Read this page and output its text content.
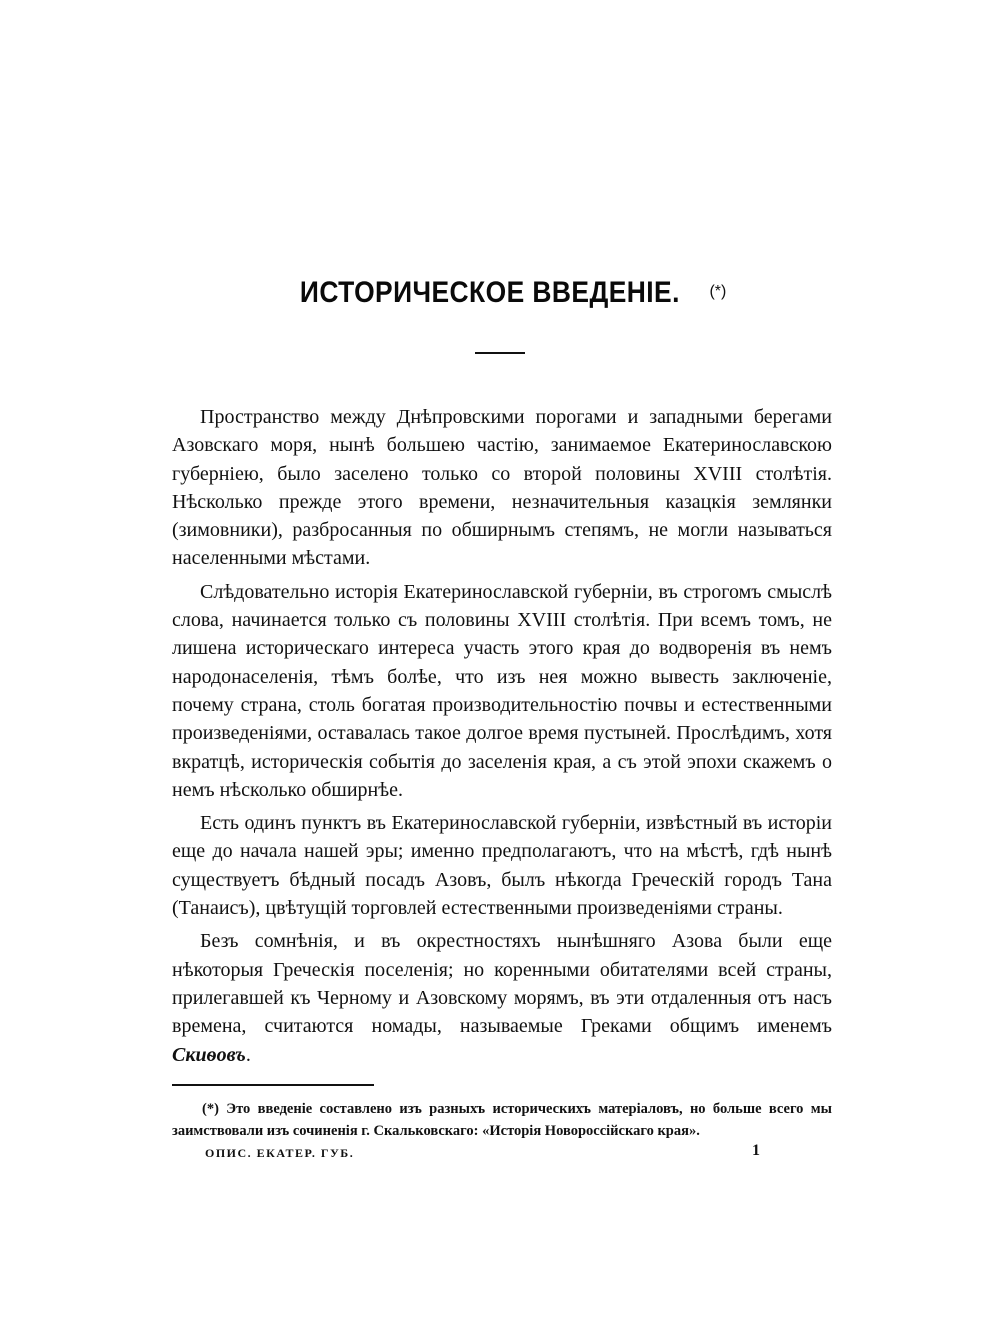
ИСТОРИЧЕСКОЕ ВВЕДЕНIЕ. (*)

Пространство между Днѣпровскими порогами и западными берегами Азовскаго моря, нынѣ большею частію, занимаемое Екатеринославскою губерніею, было заселено только со второй половины XVIII столѣтія. Нѣсколько прежде этого времени, незначительныя казацкія землянки (зимовники), разбросанныя по обширнымъ степямъ, не могли называться населенными мѣстами.

Слѣдовательно исторія Екатеринославской губерніи, въ строгомъ смыслѣ слова, начинается только съ половины XVIII столѣтія. При всемъ томъ, не лишена историческаго интереса участь этого края до водворенія въ немъ народонаселенія, тѣмъ болѣе, что изъ нея можно вывесть заключеніе, почему страна, столь богатая производительностію почвы и естественными произведеніями, оставалась такое долгое время пустыней. Прослѣдимъ, хотя вкратцѣ, историческія событія до заселенія края, а съ этой эпохи скажемъ о немъ нѣсколько обширнѣе.

Есть одинъ пунктъ въ Екатеринославской губерніи, извѣстный въ исторіи еще до начала нашей эры; именно предполагаютъ, что на мѣстѣ, гдѣ нынѣ существуетъ бѣдный посадъ Азовъ, былъ нѣкогда Греческій городъ Тана (Танаисъ), цвѣтущій торговлей естественными произведеніями страны.

Безъ сомнѣнія, и въ окрестностяхъ нынѣшняго Азова были еще нѣкоторыя Греческія поселенія; но коренными обитателями всей страны, прилегавшей къ Черному и Азовскому морямъ, въ эти отдаленныя отъ насъ времена, считаются номады, называемые Греками общимъ именемъ Скиѳовъ.

(*) Это введеніе составлено изъ разныхъ историческихъ матеріаловъ, но больше всего мы заимствовали изъ сочиненія г. Скальковскаго: «Исторія Новороссійскаго края».

ОПИС. ЕКАТЕР. ГУБ.	1
